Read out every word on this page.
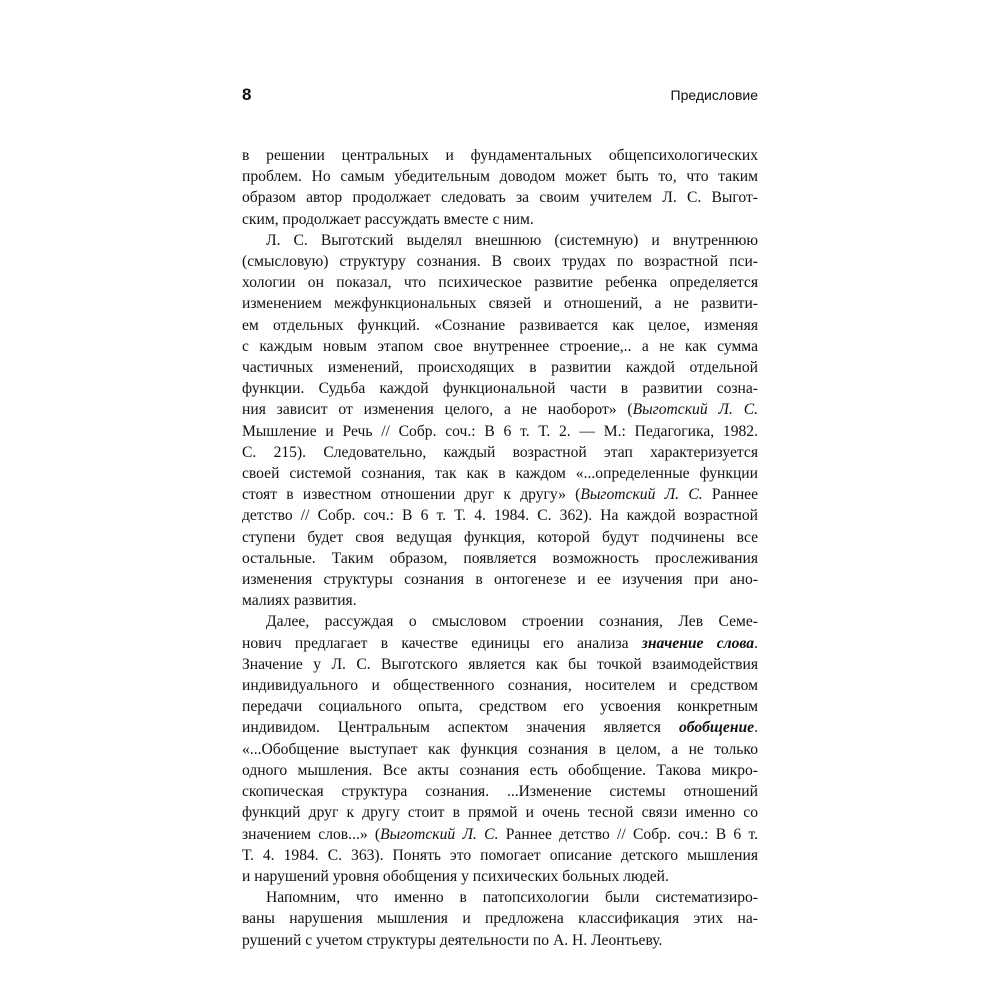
8	Предисловие
в решении центральных и фундаментальных общепсихологических
проблем. Но самым убедительным доводом может быть то, что таким
образом автор продолжает следовать за своим учителем Л. С. Выгот-
ским, продолжает рассуждать вместе с ним.
Л. С. Выготский выделял внешнюю (системную) и внутреннюю
(смысловую) структуру сознания. В своих трудах по возрастной пси-
хологии он показал, что психическое развитие ребенка определяется
изменением межфункциональных связей и отношений, а не развити-
ем отдельных функций. «Сознание развивается как целое, изменяя
с каждым новым этапом свое внутреннее строение,.. а не как сумма
частичных изменений, происходящих в развитии каждой отдельной
функции. Судьба каждой функциональной части в развитии созна-
ния зависит от изменения целого, а не наоборот» (Выготский Л. С.
Мышление и Речь // Собр. соч.: В 6 т. Т. 2. — М.: Педагогика, 1982.
С. 215). Следовательно, каждый возрастной этап характеризуется
своей системой сознания, так как в каждом «...определенные функции
стоят в известном отношении друг к другу» (Выготский Л. С. Раннее
детство // Собр. соч.: В 6 т. Т. 4. 1984. С. 362). На каждой возрастной
ступени будет своя ведущая функция, которой будут подчинены все
остальные. Таким образом, появляется возможность прослеживания
изменения структуры сознания в онтогенезе и ее изучения при ано-
малиях развития.
Далее, рассуждая о смысловом строении сознания, Лев Семе-
нович предлагает в качестве единицы его анализа значение слова.
Значение у Л. С. Выготского является как бы точкой взаимодействия
индивидуального и общественного сознания, носителем и средством
передачи социального опыта, средством его усвоения конкретным
индивидом. Центральным аспектом значения является обобщение.
«...Обобщение выступает как функция сознания в целом, а не только
одного мышления. Все акты сознания есть обобщение. Такова микро-
скопическая структура сознания. ...Изменение системы отношений
функций друг к другу стоит в прямой и очень тесной связи именно со
значением слов...» (Выготский Л. С. Раннее детство // Собр. соч.: В 6 т.
Т. 4. 1984. С. 363). Понять это помогает описание детского мышления
и нарушений уровня обобщения у психических больных людей.
Напомним, что именно в патопсихологии были систематизиро-
ваны нарушения мышления и предложена классификация этих на-
рушений с учетом структуры деятельности по А. Н. Леонтьеву.
